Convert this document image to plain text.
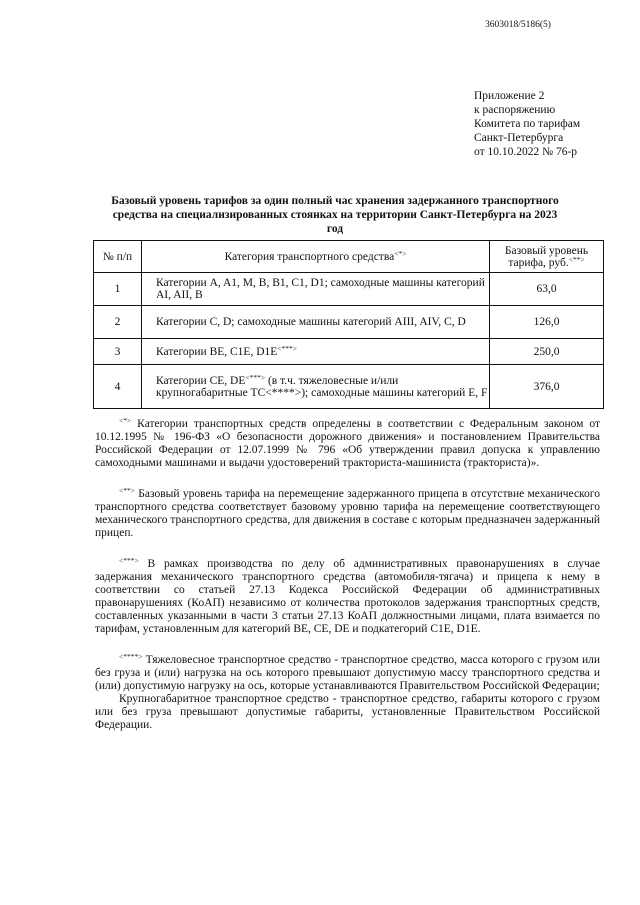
3603018/5186(5)
Приложение 2
к распоряжению
Комитета по тарифам
Санкт-Петербурга
от 10.10.2022 № 76-р
Базовый уровень тарифов за один полный час хранения задержанного транспортного средства на специализированных стоянках на территории Санкт-Петербурга на 2023 год
№ п/п	Категория транспортного средства<*>	Базовый уровень
тарифа, руб.<**>

1	Категории A, A1, M, B, B1, C1, D1; самоходные машины категорий AI, AII, B	63,0
2	Категории C, D; самоходные машины категорий AIII, AIV, C, D	126,0
3	Категории BE, C1E, D1E<***>	250,0
4	Категории CE, DE<***> (в т.ч. тяжеловесные и/или крупногабаритные ТС<****>); самоходные машины категорий E, F	376,0

<*> Категории транспортных средств определены в соответствии с Федеральным законом от 10.12.1995 № 196-ФЗ «О безопасности дорожного движения» и постановлением Правительства Российской Федерации от 12.07.1999 № 796 «Об утверждении правил допуска к управлению самоходными машинами и выдачи удостоверений тракториста-машиниста (тракториста)».

<**> Базовый уровень тарифа на перемещение задержанного прицепа в отсутствие механического транспортного средства соответствует базовому уровню тарифа на перемещение соответствующего механического транспортного средства, для движения в составе с которым предназначен задержанный прицеп.

<***> В рамках производства по делу об административных правонарушениях в случае задержания механического транспортного средства (автомобиля-тягача) и прицепа к нему в соответствии со статьей 27.13 Кодекса Российской Федерации об административных правонарушениях (КоАП) независимо от количества протоколов задержания транспортных средств, составленных указанными в части 3 статьи 27.13 КоАП должностными лицами, плата взимается по тарифам, установленным для категорий BE, CE, DE и подкатегорий C1E, D1E.

<****> Тяжеловесное транспортное средство - транспортное средство, масса которого с грузом или без груза и (или) нагрузка на ось которого превышают допустимую массу транспортного средства и (или) допустимую нагрузку на ось, которые устанавливаются Правительством Российской Федерации;

Крупногабаритное транспортное средство - транспортное средство, габариты которого с грузом или без груза превышают допустимые габариты, установленные Правительством Российской Федерации.
